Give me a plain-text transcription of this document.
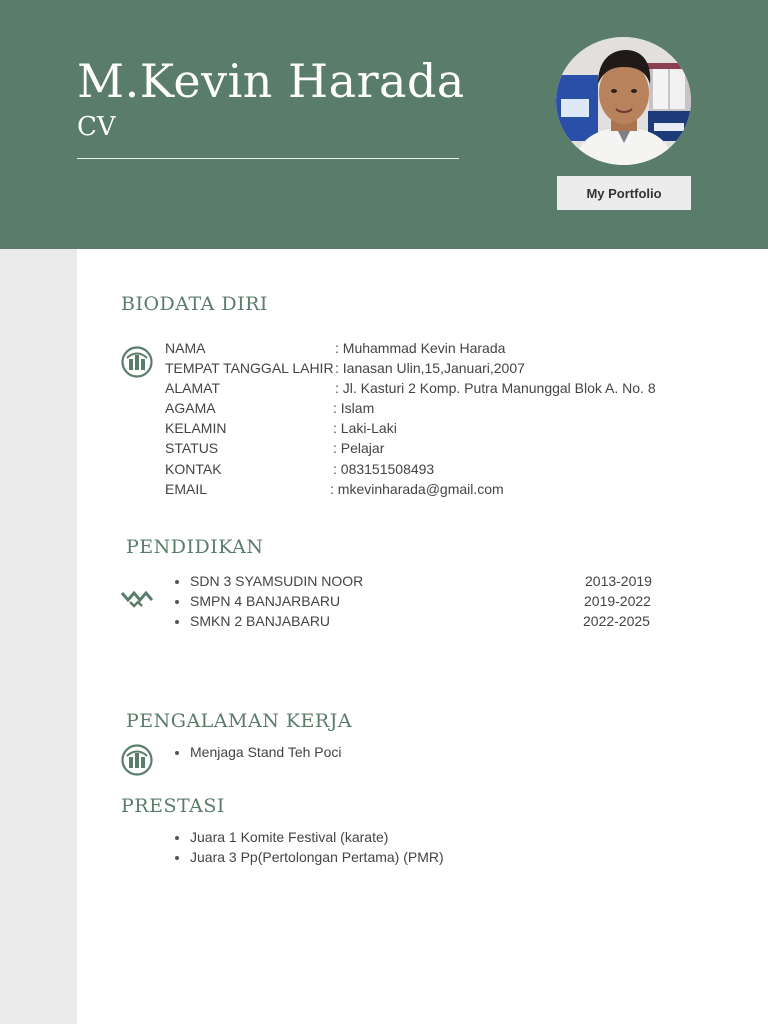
M.Kevin Harada
CV
My Portfolio
BIODATA DIRI
NAMA	: Muhammad Kevin Harada
TEMPAT TANGGAL LAHIR : Ianasan Ulin,15,Januari,2007
ALAMAT	: Jl. Kasturi 2 Komp. Putra Manunggal Blok A. No. 8
AGAMA	: Islam
KELAMIN	: Laki-Laki
STATUS	: Pelajar
KONTAK	: 083151508493
EMAIL	: mkevinharada@gmail.com
PENDIDIKAN
SDN 3 SYAMSUDIN NOOR	2013-2019
SMPN 4 BANJARBARU	2019-2022
SMKN 2 BANJABARU	2022-2025
PENGALAMAN KERJA
Menjaga Stand Teh Poci
PRESTASI
Juara 1 Komite Festival (karate)
Juara 3 Pp(Pertolongan Pertama) (PMR)
